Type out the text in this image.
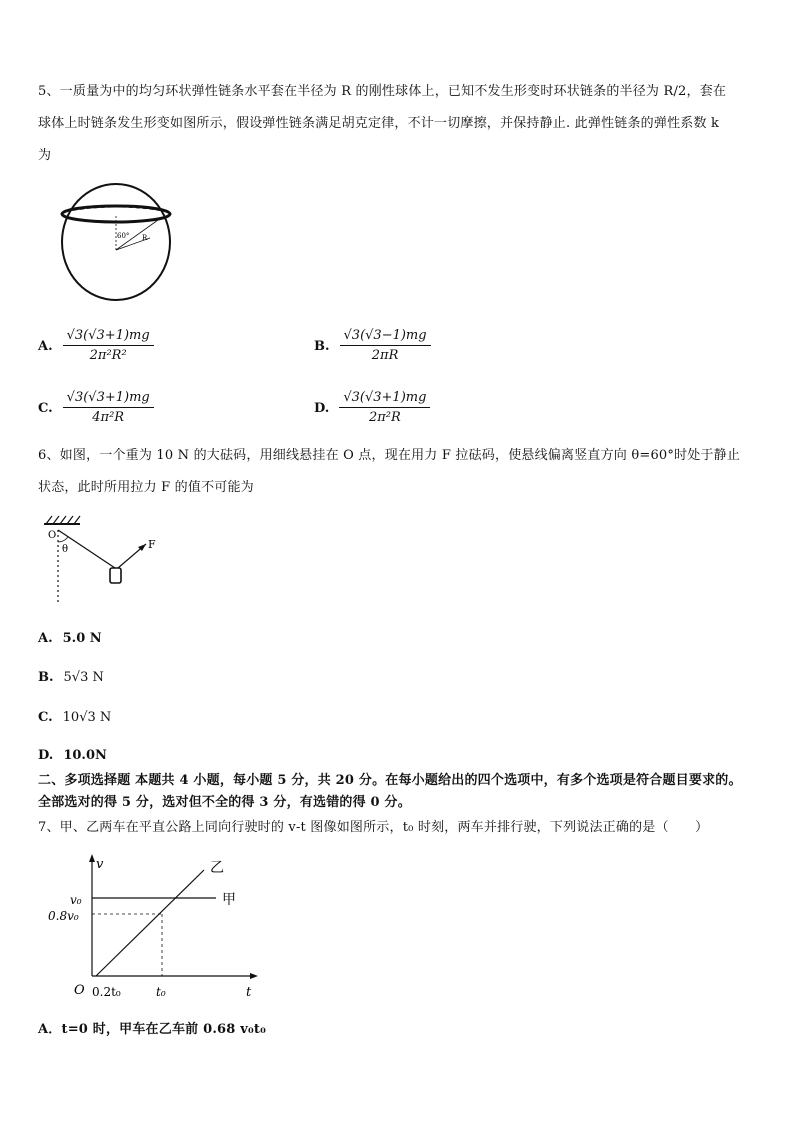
5、一质量为中的均匀环状弹性链条水平套在半径为 R 的刚性球体上，已知不发生形变时环状链条的半径为 R/2，套在
球体上时链条发生形变如图所示，假设弹性链条满足胡克定律，不计一切摩擦，并保持静止. 此弹性链条的弹性系数 k
为
60° R
A. $\frac{√3(√3+1)mg}{\text{2π²R²}}$	B. $\frac{√3(√3-1)mg}{2\pi R}$
C. $\frac{√3(√3+1)mg}{\text{4π²R}}$	D. $\frac{√3(√3+1)mg}{\text{2π²R}}$
6、如图，一个重为 10 N 的大砝码，用细线悬挂在 O 点，现在用力 F 拉砝码，使悬线偏离竖直方向 θ=60°时处于静止
状态，此时所用拉力 F 的值不可能为
O
θ	F
A. 5.0 N
B. 5√3 N
C. 10√3 N
D. 10.0N
二、多项选择题 本题共 4 小题，每小题 5 分，共 20 分。在每小题给出的四个选项中，有多个选项是符合题目要求的。
全部选对的得 5 分，选对但不全的得 3 分，有选错的得 0 分。
7、甲、乙两车在平直公路上同向行驶时的 v-t 图像如图所示，t₀ 时刻，两车并排行驶，下列说法正确的是（　　）
v
t
O
v₀
0.8v₀
0.2t₀	t₀
乙
甲
A．t=0 时，甲车在乙车前 0.68 v₀t₀
